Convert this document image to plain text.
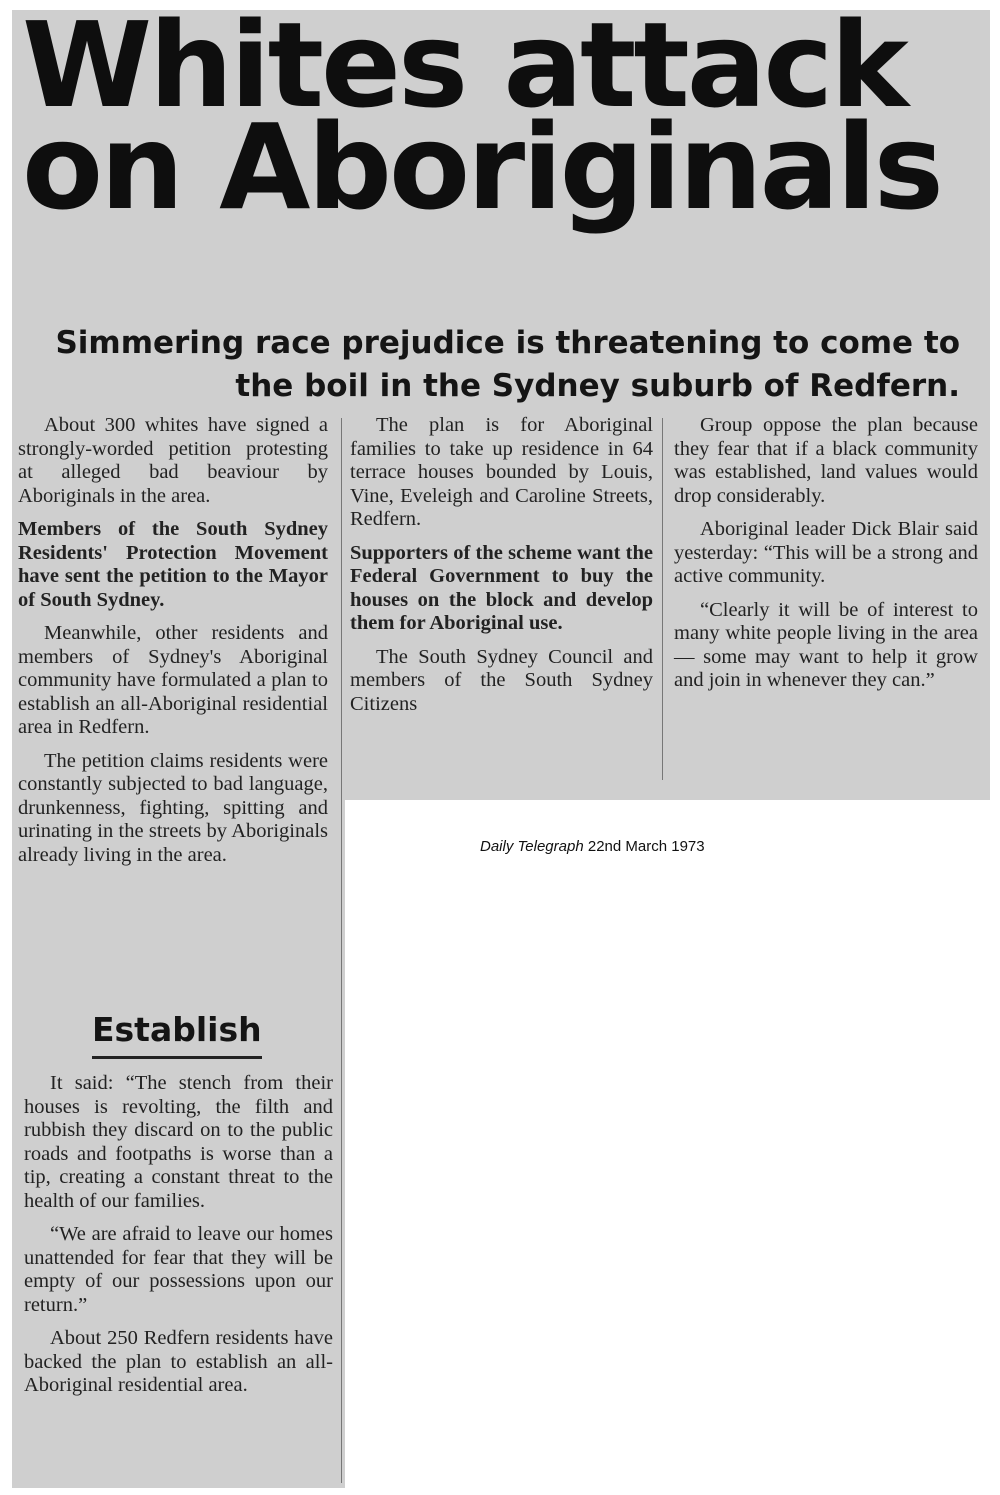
Whites attack on Aboriginals
Simmering race prejudice is threatening to come to the boil in the Sydney suburb of Redfern.

About 300 whites have signed a strongly-worded petition protesting at alleged bad beaviour by Aboriginals in the area.

Members of the South Sydney Residents' Protection Movement have sent the petition to the Mayor of South Sydney.

Meanwhile, other residents and members of Sydney's Aboriginal community have formulated a plan to establish an all-Aboriginal residential area in Redfern.

The petition claims residents were constantly subjected to bad language, drunkenness, fighting, spitting and urinating in the streets by Aboriginals already living in the area.

Establish

It said: “The stench from their houses is revolting, the filth and rubbish they discard on to the public roads and footpaths is worse than a tip, creating a constant threat to the health of our families.

“We are afraid to leave our homes unattended for fear that they will be empty of our possessions upon our return.”

About 250 Redfern residents have backed the plan to establish an all-Aboriginal residential area.

The plan is for Aboriginal families to take up residence in 64 terrace houses bounded by Louis, Vine, Eveleigh and Caroline Streets, Redfern.

Supporters of the scheme want the Federal Government to buy the houses on the block and develop them for Aboriginal use.

The South Sydney Council and members of the South Sydney Citizens

Group oppose the plan because they fear that if a black community was established, land values would drop considerably.

Aboriginal leader Dick Blair said yesterday: “This will be a strong and active community.

“Clearly it will be of interest to many white people living in the area — some may want to help it grow and join in whenever they can.”

Daily Telegraph 22nd March 1973
